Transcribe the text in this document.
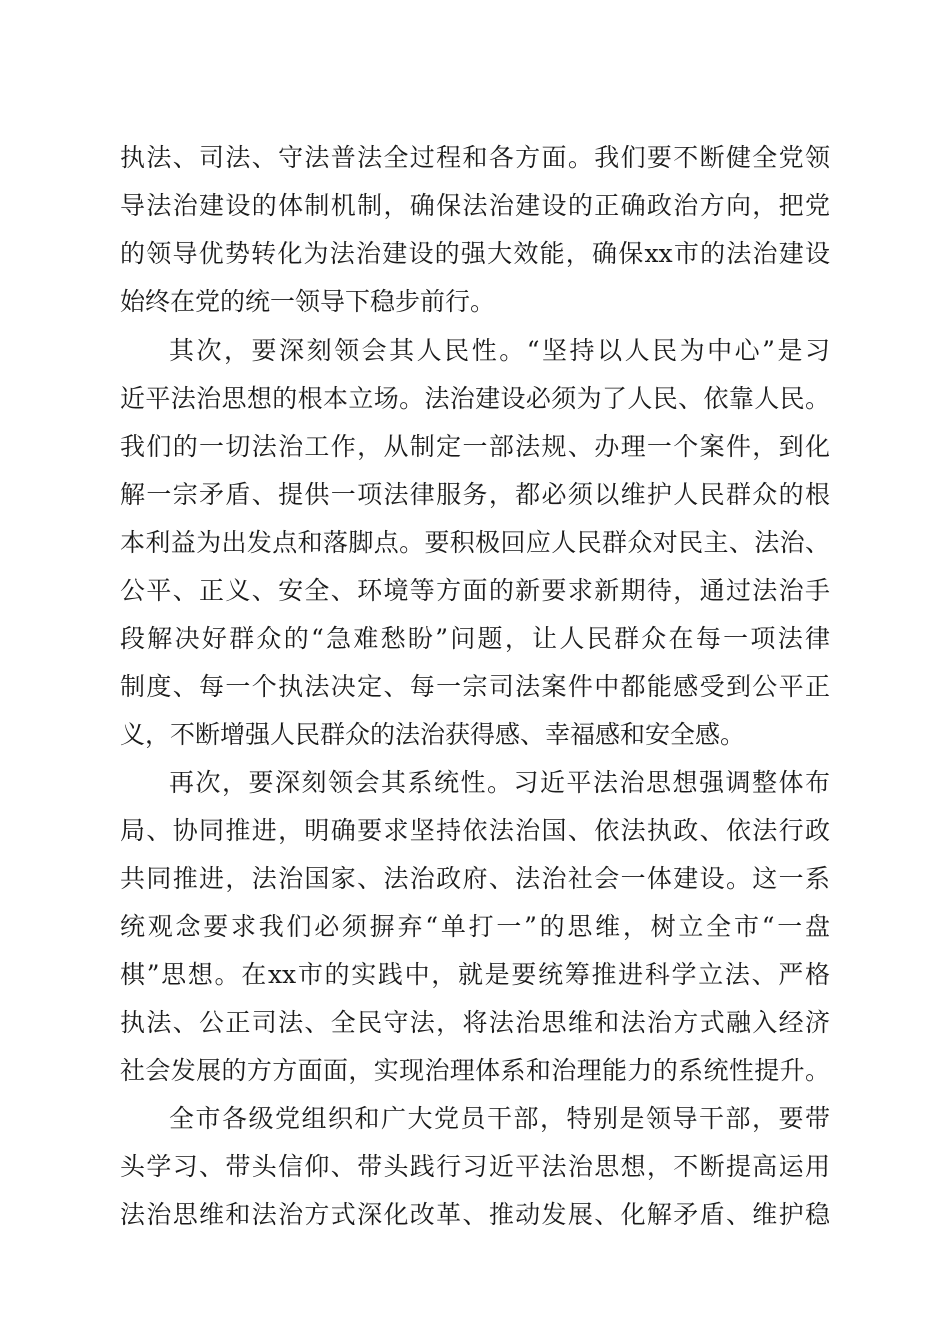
执法、司法、守法普法全过程和各方面。我们要不断健全党领
导法治建设的体制机制，确保法治建设的正确政治方向，把党
的领导优势转化为法治建设的强大效能，确保xx市的法治建设
始终在党的统一领导下稳步前行。
其次，要深刻领会其人民性。“坚持以人民为中心”是习
近平法治思想的根本立场。法治建设必须为了人民、依靠人民。
我们的一切法治工作，从制定一部法规、办理一个案件，到化
解一宗矛盾、提供一项法律服务，都必须以维护人民群众的根
本利益为出发点和落脚点。要积极回应人民群众对民主、法治、
公平、正义、安全、环境等方面的新要求新期待，通过法治手
段解决好群众的“急难愁盼”问题，让人民群众在每一项法律
制度、每一个执法决定、每一宗司法案件中都能感受到公平正
义，不断增强人民群众的法治获得感、幸福感和安全感。
再次，要深刻领会其系统性。习近平法治思想强调整体布
局、协同推进，明确要求坚持依法治国、依法执政、依法行政
共同推进，法治国家、法治政府、法治社会一体建设。这一系
统观念要求我们必须摒弃“单打一”的思维，树立全市“一盘
棋”思想。在xx市的实践中，就是要统筹推进科学立法、严格
执法、公正司法、全民守法，将法治思维和法治方式融入经济
社会发展的方方面面，实现治理体系和治理能力的系统性提升。
全市各级党组织和广大党员干部，特别是领导干部，要带
头学习、带头信仰、带头践行习近平法治思想，不断提高运用
法治思维和法治方式深化改革、推动发展、化解矛盾、维护稳
